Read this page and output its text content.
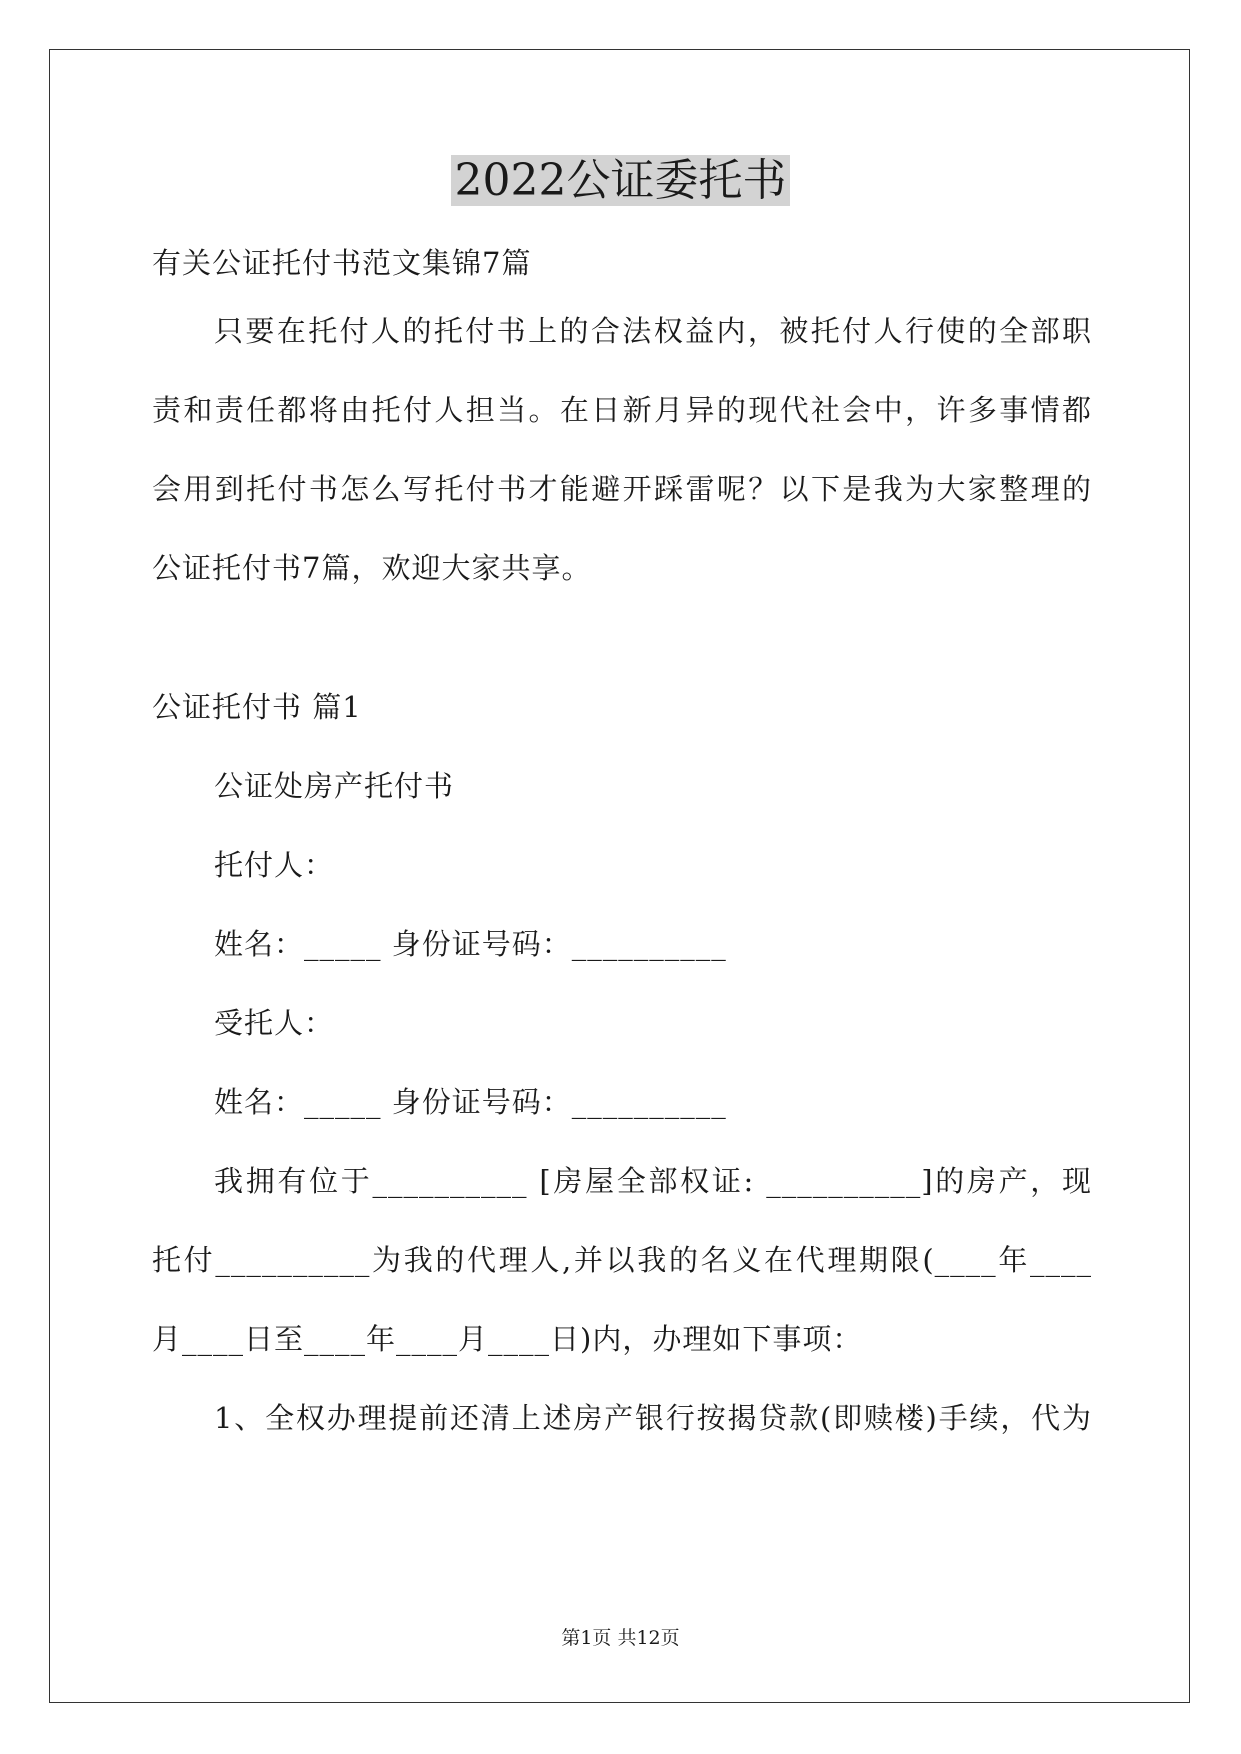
2022公证委托书
有关公证托付书范文集锦7篇
只要在托付人的托付书上的合法权益内，被托付人行使的全部职
责和责任都将由托付人担当。在日新月异的现代社会中，许多事情都
会用到托付书怎么写托付书才能避开踩雷呢？以下是我为大家整理的
公证托付书7篇，欢迎大家共享。
公证托付书 篇1
公证处房产托付书
托付人：
姓名：_____ 身份证号码：__________
受托人：
姓名：_____ 身份证号码：__________
我拥有位于__________ [房屋全部权证: __________]的房产，现
托付__________为我的代理人,并以我的名义在代理期限(____年____
月____日至____年____月____日)内，办理如下事项：
1、全权办理提前还清上述房产银行按揭贷款(即赎楼)手续，代为
第1页 共12页
